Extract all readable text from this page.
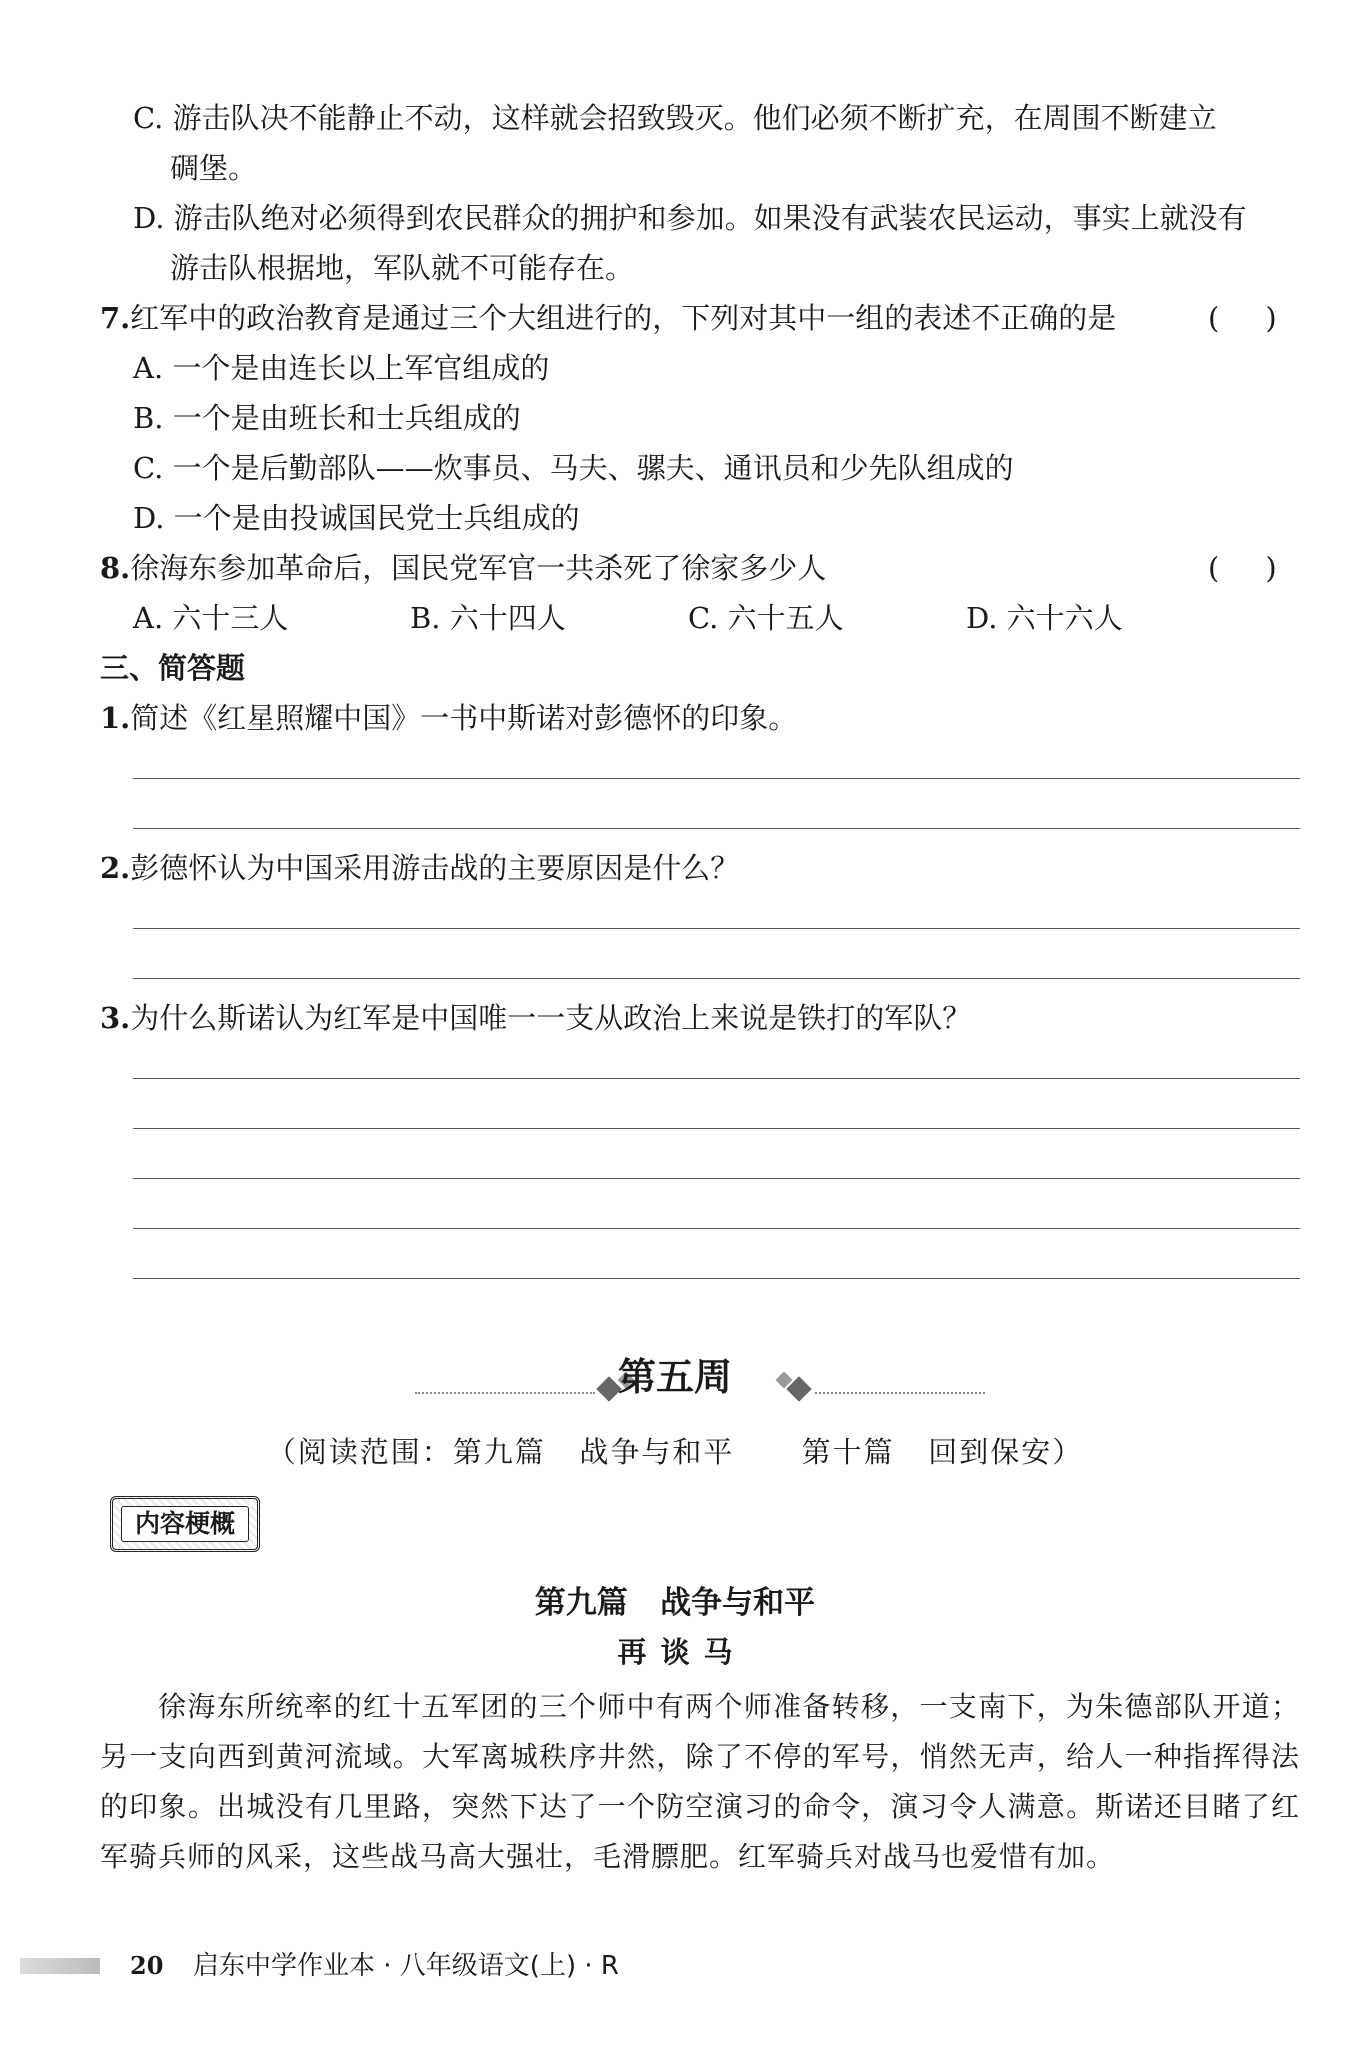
C. 游击队决不能静止不动，这样就会招致毁灭。他们必须不断扩充，在周围不断建立
碉堡。
D. 游击队绝对必须得到农民群众的拥护和参加。如果没有武装农民运动，事实上就没有
游击队根据地，军队就不可能存在。
7.红军中的政治教育是通过三个大组进行的，下列对其中一组的表述不正确的是	(     )
A. 一个是由连长以上军官组成的
B. 一个是由班长和士兵组成的
C. 一个是后勤部队——炊事员、马夫、骡夫、通讯员和少先队组成的
D. 一个是由投诚国民党士兵组成的
8.徐海东参加革命后，国民党军官一共杀死了徐家多少人	(     )
A. 六十三人	B. 六十四人	C. 六十五人	D. 六十六人
三、简答题
1.简述《红星照耀中国》一书中斯诺对彭德怀的印象。
2.彭德怀认为中国采用游击战的主要原因是什么？
3.为什么斯诺认为红军是中国唯一一支从政治上来说是铁打的军队？
第五周
（阅读范围：第九篇   战争与和平      第十篇   回到保安）
内容梗概
第九篇   战争与和平
再谈马
徐海东所统率的红十五军团的三个师中有两个师准备转移，一支南下，为朱德部队开道；另一支向西到黄河流域。大军离城秩序井然，除了不停的军号，悄然无声，给人一种指挥得法的印象。出城没有几里路，突然下达了一个防空演习的命令，演习令人满意。斯诺还目睹了红军骑兵师的风采，这些战马高大强壮，毛滑膘肥。红军骑兵对战马也爱惜有加。
20 启东中学作业本 · 八年级语文(上) · R
